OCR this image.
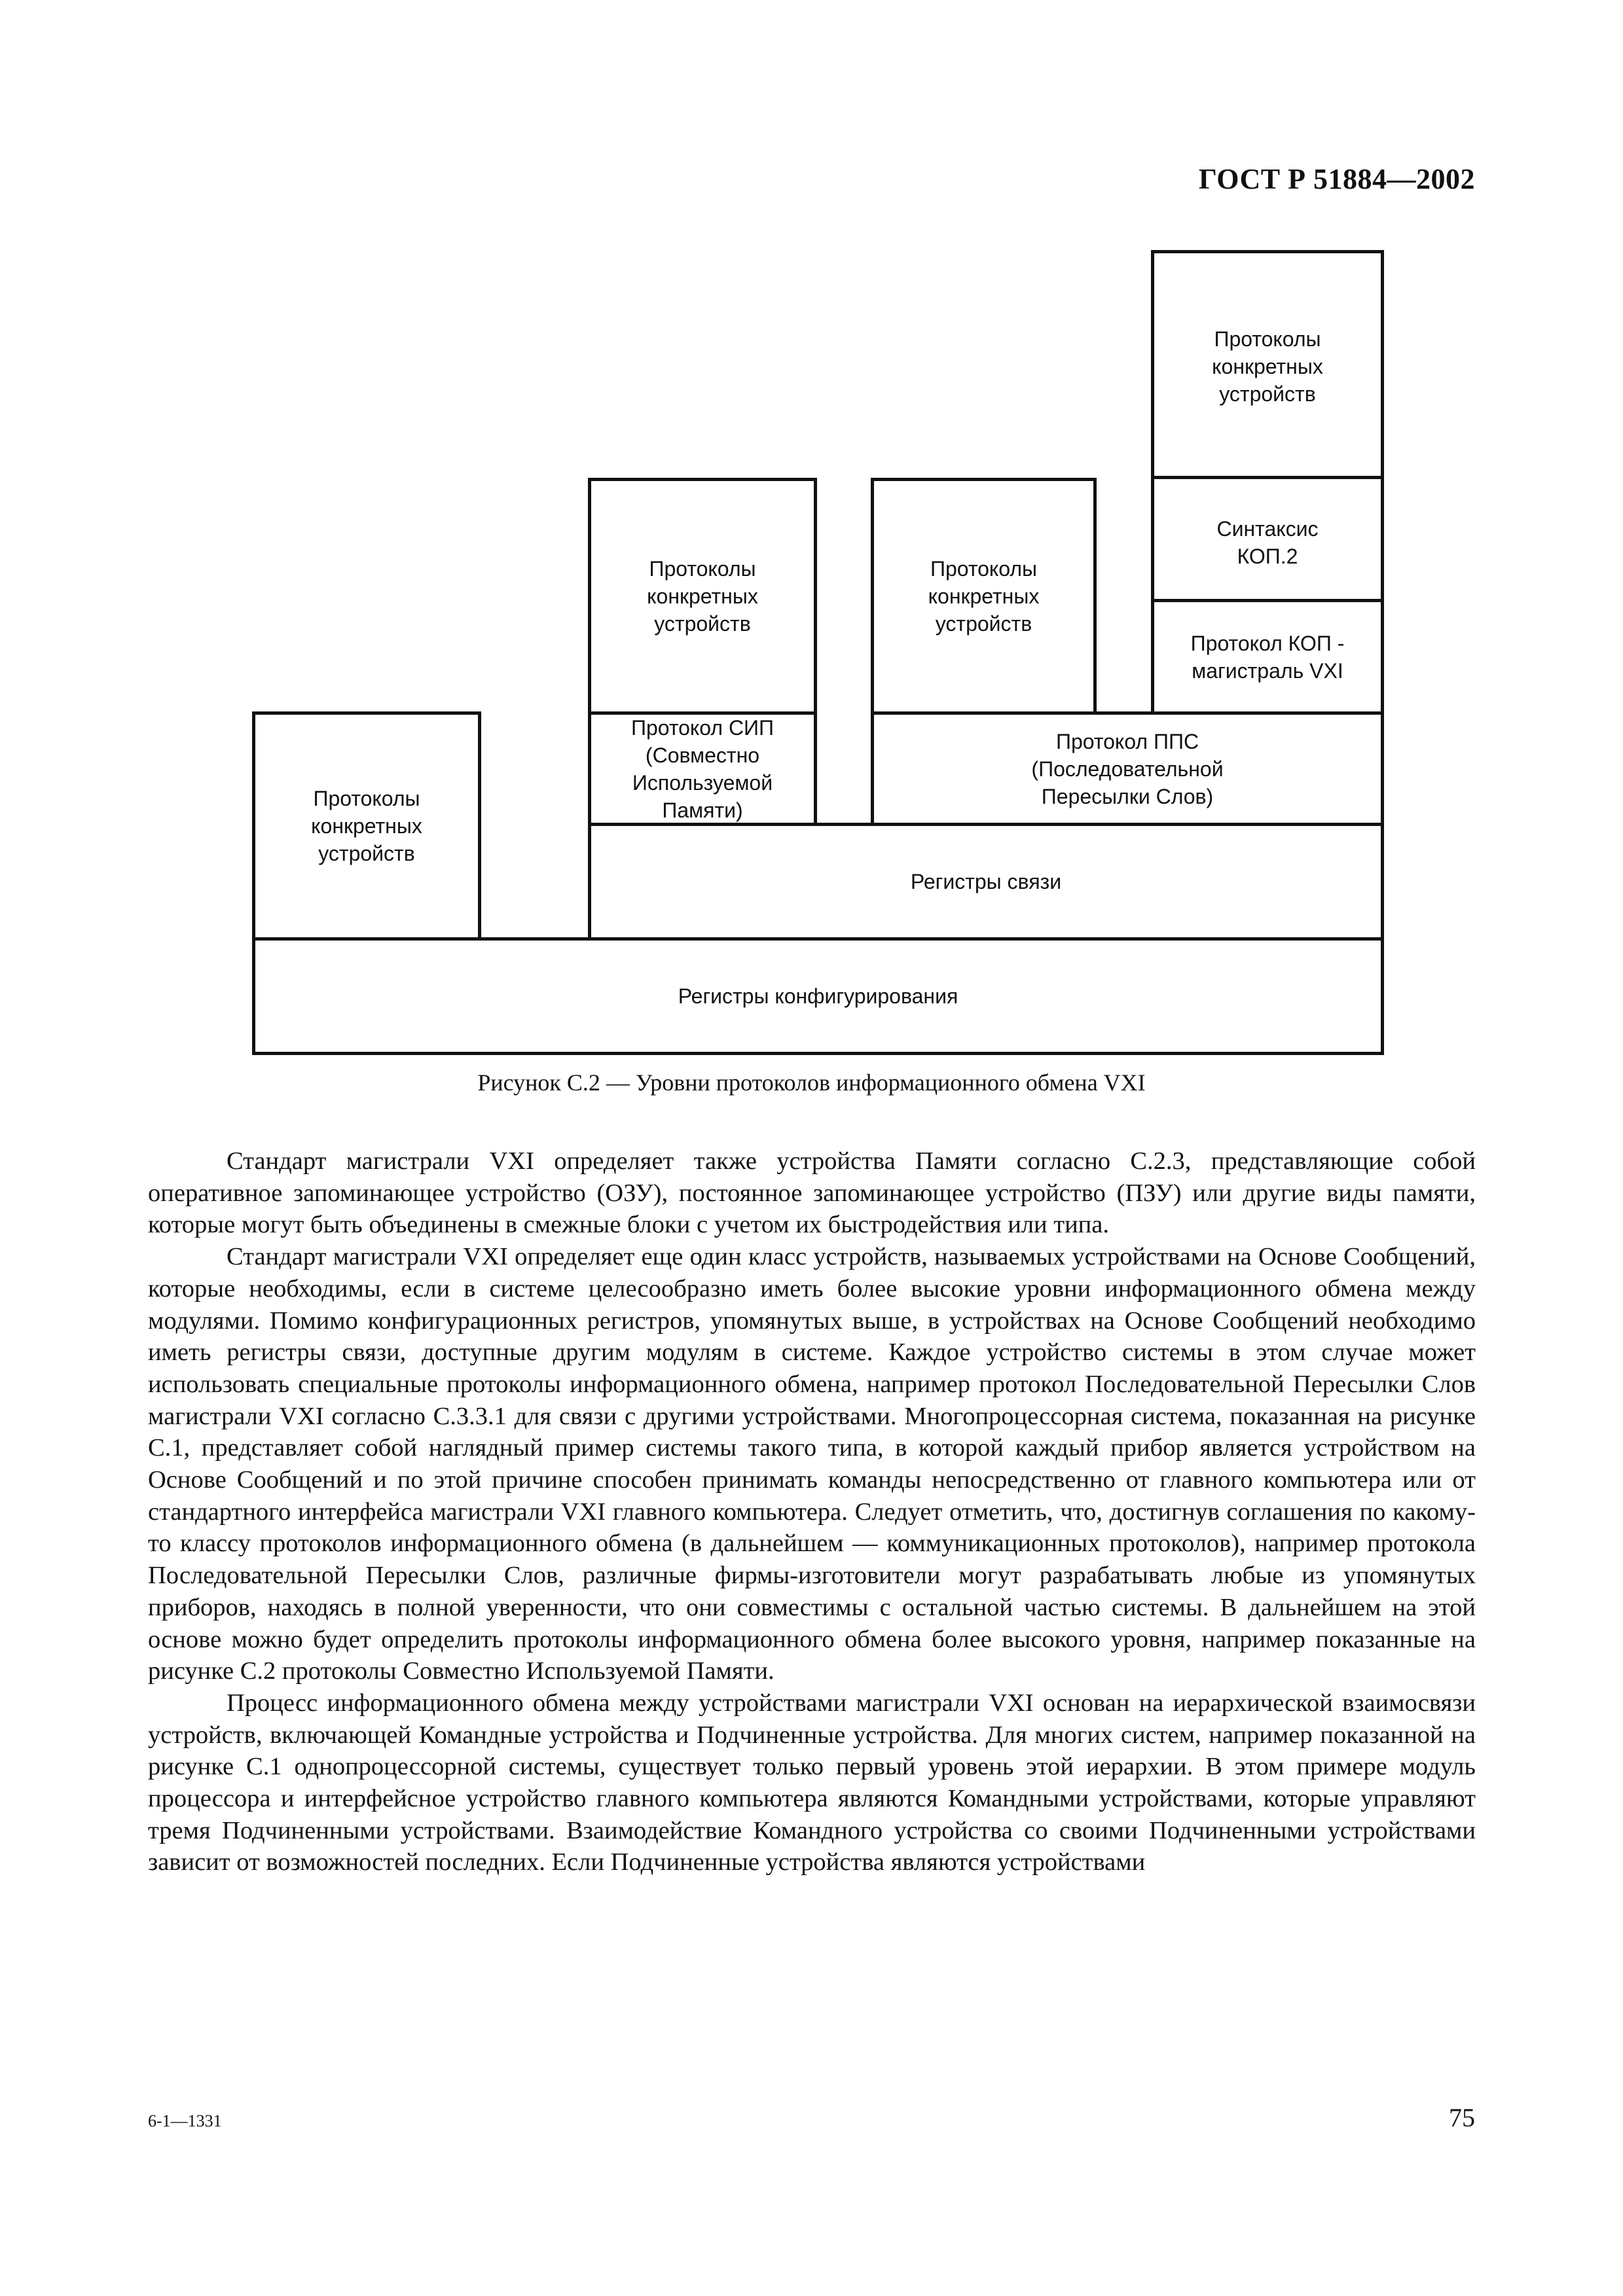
ГОСТ Р 51884—2002
Протоколы
конкретных
устройств
Синтаксис
КОП.2
Протокол КОП -
магистраль VXI
Протоколы
конкретных
устройств
Протоколы
конкретных
устройств
Протокол СИП
(Совместно
Используемой
Памяти)
Протокол ППС
(Последовательной
Пересылки Слов)
Протоколы
конкретных
устройств
Регистры связи
Регистры конфигурирования
Рисунок С.2 — Уровни протоколов информационного обмена VXI

Стандарт магистрали VXI определяет также устройства Памяти согласно С.2.3, представляющие собой оперативное запоминающее устройство (ОЗУ), постоянное запоминающее устройство (ПЗУ) или другие виды памяти, которые могут быть объединены в смежные блоки с учетом их быстродействия или типа.

Стандарт магистрали VXI определяет еще один класс устройств, называемых устройствами на Основе Сообщений, которые необходимы, если в системе целесообразно иметь более высокие уровни информационного обмена между модулями. Помимо конфигурационных регистров, упомянутых выше, в устройствах на Основе Сообщений необходимо иметь регистры связи, доступные другим модулям в системе. Каждое устройство системы в этом случае может использовать специальные протоколы информационного обмена, например протокол Последовательной Пересылки Слов магистрали VXI согласно С.3.3.1 для связи с другими устройствами. Многопроцессорная система, показанная на рисунке С.1, представляет собой наглядный пример системы такого типа, в которой каждый прибор является устройством на Основе Сообщений и по этой причине способен принимать команды непосредственно от главного компьютера или от стандартного интерфейса магистрали VXI главного компьютера. Следует отметить, что, достигнув соглашения по какому-то классу протоколов информационного обмена (в дальнейшем — коммуникационных протоколов), например протокола Последовательной Пересылки Слов, различные фирмы-изготовители могут разрабатывать любые из упомянутых приборов, находясь в полной уверенности, что они совместимы с остальной частью системы. В дальнейшем на этой основе можно будет определить протоколы информационного обмена более высокого уровня, например показанные на рисунке С.2 протоколы Совместно Используемой Памяти.

Процесс информационного обмена между устройствами магистрали VXI основан на иерархической взаимосвязи устройств, включающей Командные устройства и Подчиненные устройства. Для многих систем, например показанной на рисунке С.1 однопроцессорной системы, существует только первый уровень этой иерархии. В этом примере модуль процессора и интерфейсное устройство главного компьютера являются Командными устройствами, которые управляют тремя Подчиненными устройствами. Взаимодействие Командного устройства со своими Подчиненными устройствами зависит от возможностей последних. Если Подчиненные устройства являются устройствами

6-1—1331	75
